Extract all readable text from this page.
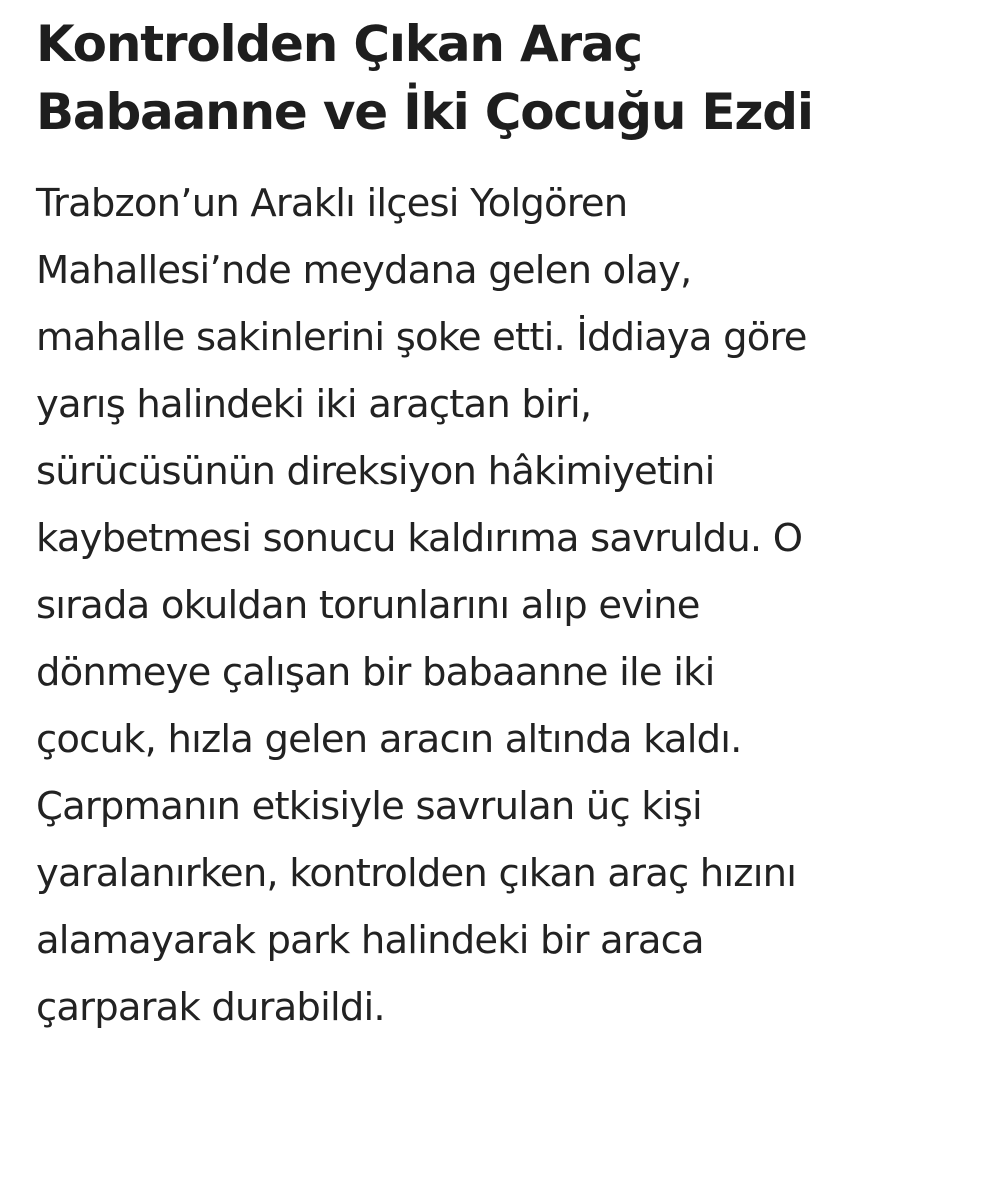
Kontrolden Çıkan Araç
Babaanne ve İki Çocuğu Ezdi

Trabzon’un Araklı ilçesi Yolgören
Mahallesi’nde meydana gelen olay,
mahalle sakinlerini şoke etti. İddiaya göre
yarış halindeki iki araçtan biri,
sürücüsünün direksiyon hâkimiyetini
kaybetmesi sonucu kaldırıma savruldu. O
sırada okuldan torunlarını alıp evine
dönmeye çalışan bir babaanne ile iki
çocuk, hızla gelen aracın altında kaldı.
Çarpmanın etkisiyle savrulan üç kişi
yaralanırken, kontrolden çıkan araç hızını
alamayarak park halindeki bir araca
çarparak durabildi.
